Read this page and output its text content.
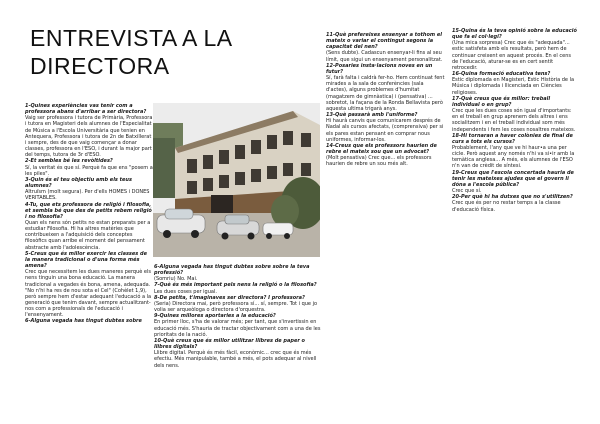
ENTREVISTA A LA
DIRECTORA

1-Quines experiències vas tenir com a professora abans d'arribar a ser directora?

Vaig ser professora i tutora de Primària, Professora i tutora en Magisteri dels alumnes de l'Especialitat de Música a l'Escola Universitària que tenien en Antequera, Professora i tutora de 2n de Batxillerat i sempre, des de que vaig començar a donar classes, professora en l'ESO, i durant la major part del temps, tutora de 3r d'ESO.

2-Et sembles bé les revòltides?

Sí, la veritat és que sí. Perquè fa que ens "posem a les piles".

3-Quin és el teu objectiu amb els teus alumnes?

Altruïsm (molt segura). Per d'ells HOMES i DONES VERITABLES.

4-Tu, que ets professora de religió i filosofia, et sembla bé que des de petits rebem religió i no filosofia?

Quan els nens són petits no estan preparats per a estudiar Filosofia. Hi ha altres matèries que contribueixen a l'adquisició dels conceptes filosòfics quan arribe el moment del pensament abstracte amb l'adolescència.

5-Creus que és millor exercir les classes de la manera tradicional o d'una forma més amena?

Crec que necessitem les dues maneres perquè els nens tinguin una bona educació. La manera tradicional a vegades és bona, amena, adequada.

"No n'hi ha res de nou sota el Cel" (Cohèlet 1,9), però sempre hem d'estar adequant l'educació a la generació que tenim davant, sempre actualitzant-nos com a professionals de l'educació i l'ensenyament.

6-Alguna vegada has tingut dubtes sobre

6-Alguna vegada has tingut dubtes sobre sobre la teva professió?

(Somriu) No. Mai.

7-Què és més important pels nens la religió o la filosofia?

Les dues coses per igual.

8-De petita, t'imaginaves ser directora? I professora?

(Seria) Directora mai, però professora sí... sí, sempre. Tot i que jo volia ser arqueòloga o directora d'orquestra.

9-Quines millores aportaries a la educació?

En primer lloc, s'ha de valorar més; per tant, que s'invertissin en educació més. S'hauria de tractar objectivament com a una de les prioritats de la nació.

10-Què creus que és millor utilitzar llibres de paper o llibres digitals?

Llibre digital. Perquè és més fàcil, econòmic... crec que és més efectiu. Més manipulable, també a més, el pots adequar al nivell dels nens.

11-Què prefereixes ensenyar a tothom el mateix o variar el contingut segons la capacitat del nen?

(Sens dubte). Cadascun ensenyar-li fins al seu límit, que sigui un ensenyament personalitzat.

12-Posaries insta·lacions noves en un futur?

Sí, farà falta i caldrà fer-ho. Hem continuat fent mirades a la sala de conferències (sala d'actes), alguns problemes d'humitat (magatzem de gimnàstica) i (pensativa) ... sobretot, la façana de la Ronda Bellavista però aquesta ultima trigarà anys.

13-Què passarà amb l'uniforme?

Hi haurà canvis que comunicarem després de Nadal als cursos afectats, (comprensiva) per si els pares estan pensant en comprar nous uniformes, informar-los.

14-Creus que els professors haurien de rebre el mateix sou que un advocat?

(Molt pensativa) Crec que... els professors haurien de rebre un sou més alt.

15-Quina és la teva opinió sobre la educació que fa el col·legi?

(Una mica sorpresa) Crec que és "adequada"... estic satisfeta amb els resultats, però hem de continuar creixent en aquest procés. En el cens de l'educació, aturar-se es en cert sentit retrocedir.

16-Quina formació educativa tens?

Estic diplomada en Magisteri, Estic Història de la Música i diplomada i llicenciada en Ciències religioses.

17-Què creus que és millor: treball individual o en grup?

Crec que les dues coses són igual d'importants: en el treball en grup aprenem dels altres i ens socialitzem i en el treball individual som més independents i fem les coses nosaltres mateixos.

18-Hi tornaran a haver colònies de final de curs a tots els cursos?

Probablement, l'any que ve hi haur•a una per cicle. Però aquest any només n'hi va si•ir amb la temàtica anglesa... A més, els alumnes de l'ESO n'n van de crèdit de síntesi.

19-Creus que l'escola concertada hauria de tenir les mateixes ajudes que el govern li dóna a l'escola pública?

Crec que sí.

20-Per què hi ha dutxes que no s'utilitzen?

Crec que és per no restar temps a la classe d'educació física.
